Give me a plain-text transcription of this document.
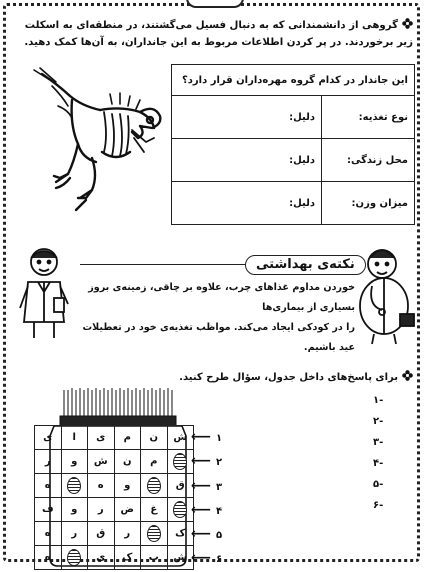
گروهی از دانشمندانی که به دنبال فسیل می‌گشتند، در منطقه‌ای به اسکلت زیر برخوردند. در پر کردن اطلاعات مربوط به این جانداران، به آن‌ها کمک دهید.
این جاندار در کدام گروه مهره‌داران قرار دارد؟	
نوع تغذیه:	دلیل:
محل زندگی:	دلیل:
میزان وزن:	دلیل:
نکته‌ی بهداشتی
خوردن مداوم غذاهای چرب، علاوه بر چاقی، زمینه‌ی بروز بسیاری از بیماری‌ها
را در کودکی ایجاد می‌کند. مواظب تغذیه‌ی خود در تعطیلات عید باشیم.
برای پاسخ‌های داخل جدول، سؤال طرح کنید.
-۱
-۲
-۳
-۴
-۵
-۶
ش	ن	م	ی	ا	ی
	م	ن	ش	و	ر
ق		و	ه		ه
	غ	ض	ر	و	ف
ک		ر	ق	ر	ه
ش	ب	ک	ی		ه
⟵ ۱
⟵ ۲
⟵ ۳
⟵ ۴
⟵ ۵
⟵ ۶
